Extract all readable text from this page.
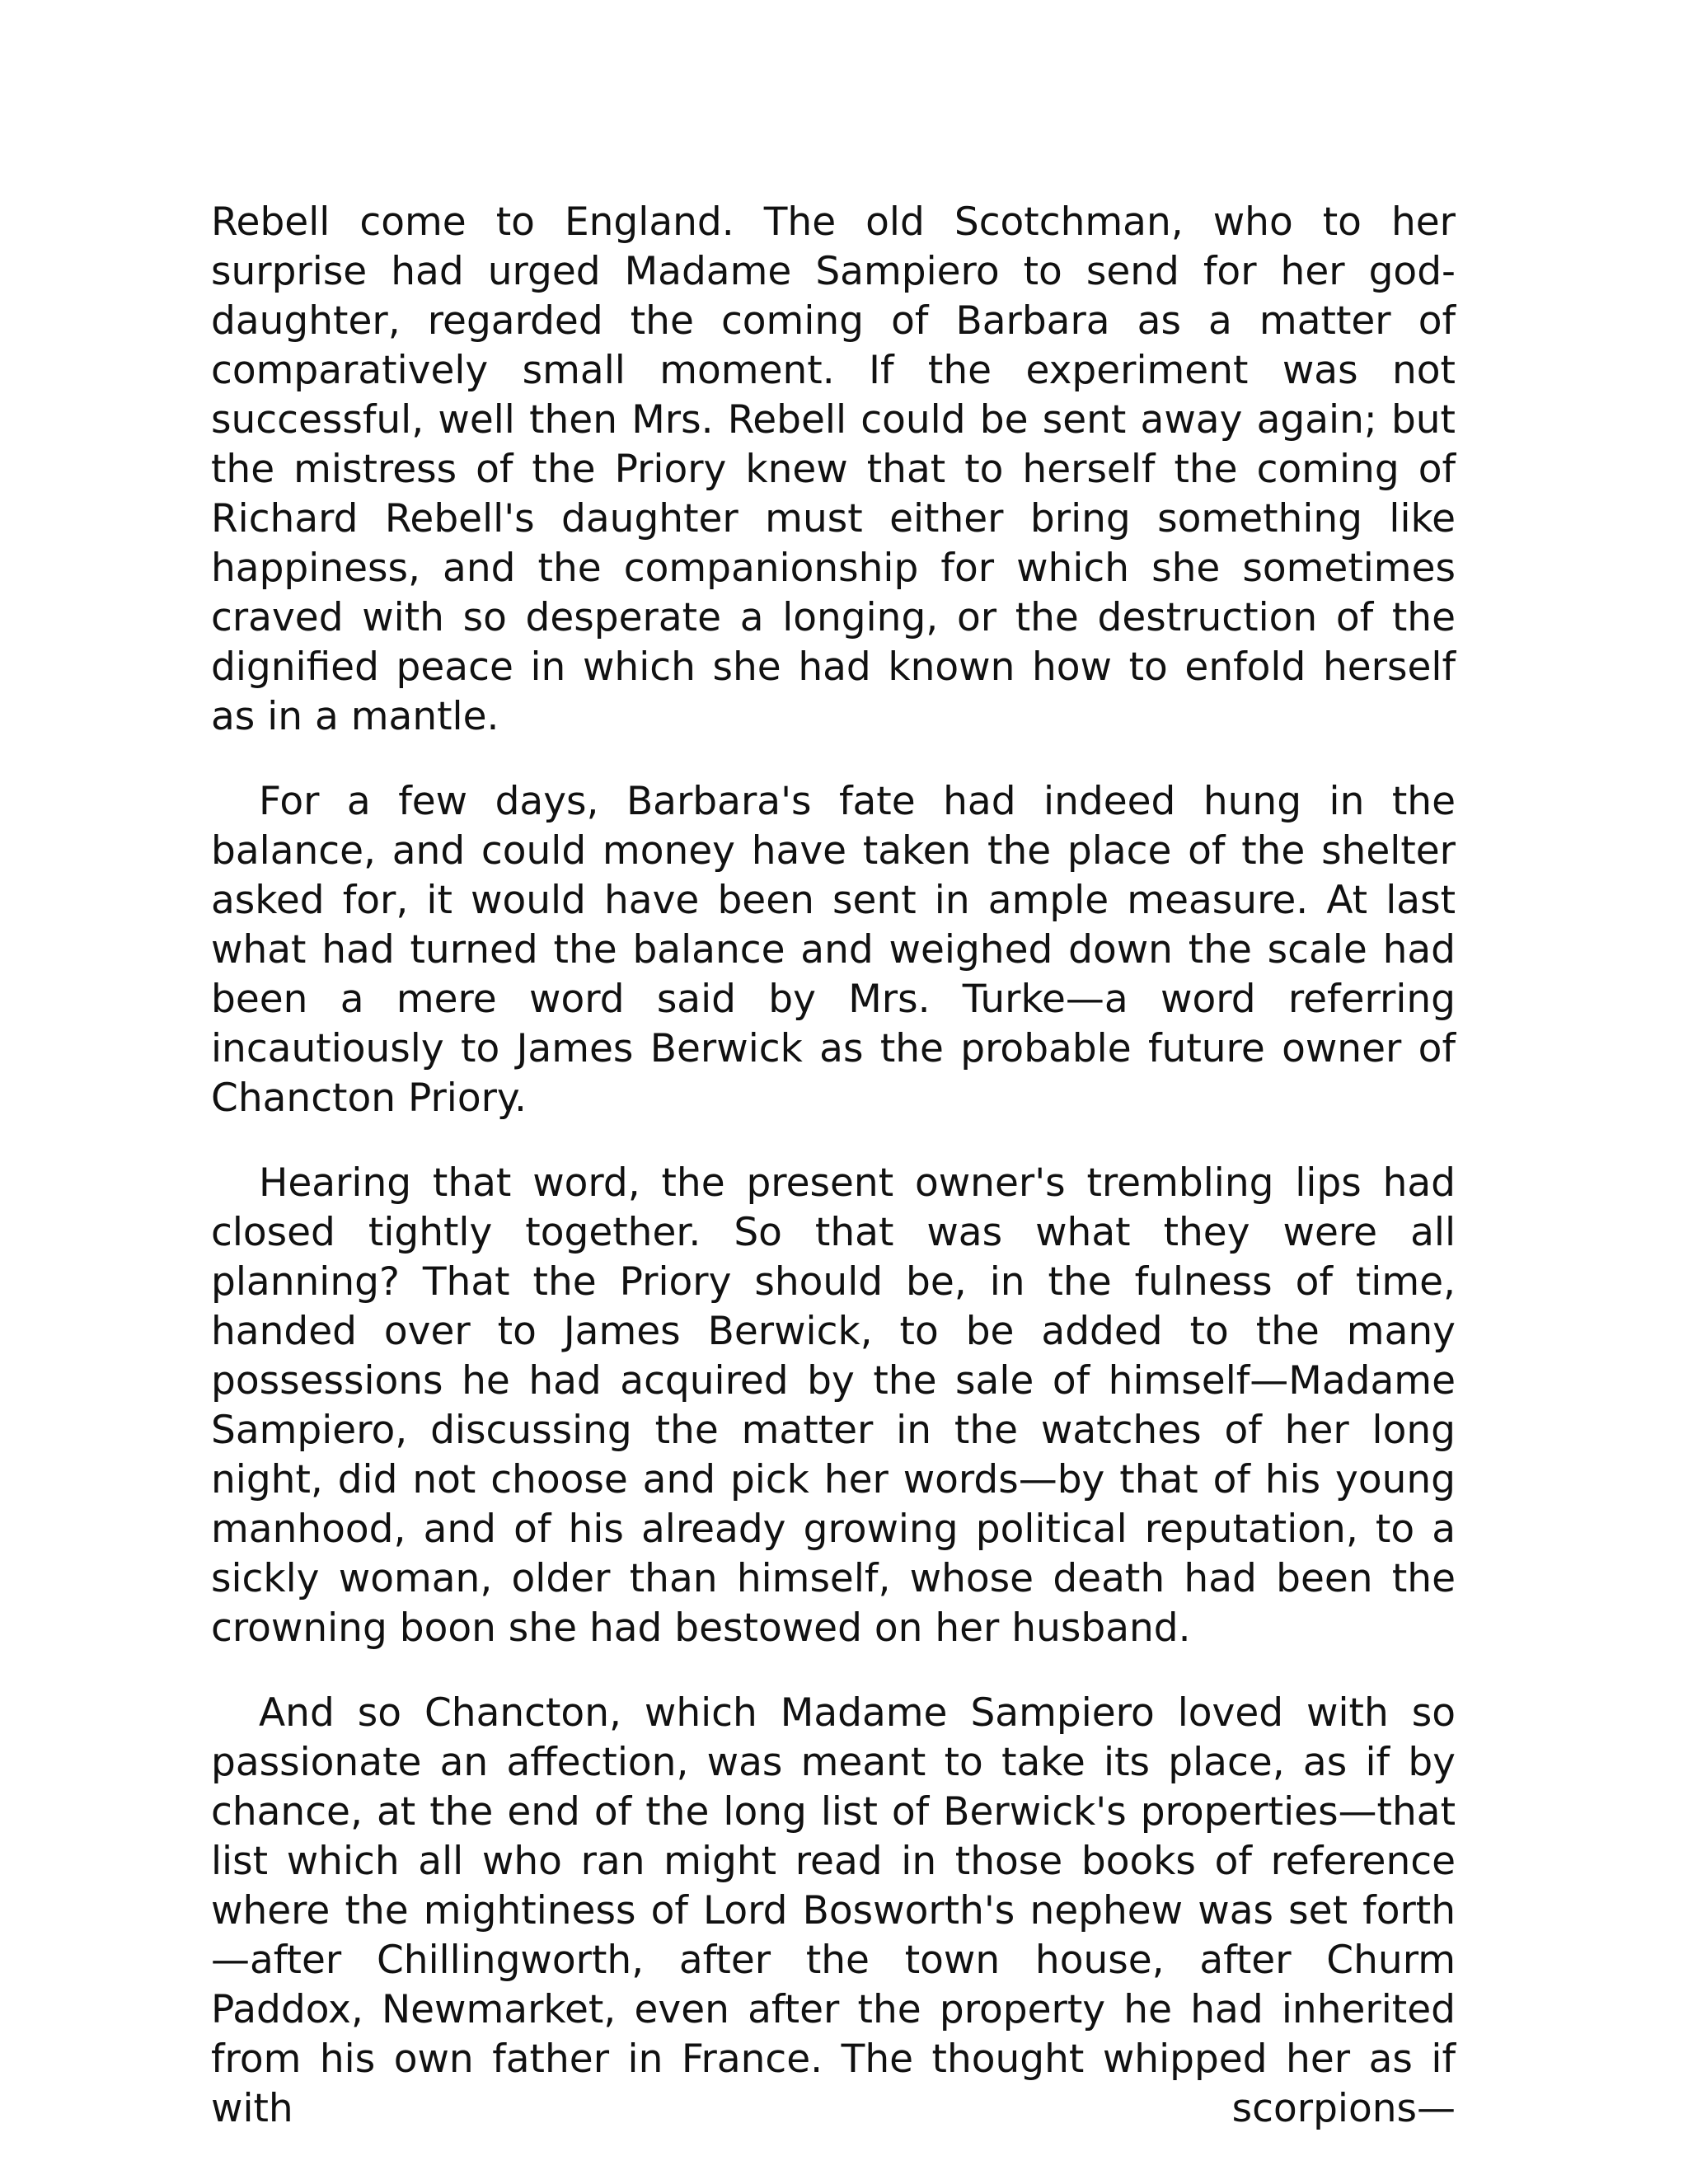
Rebell come to England. The old Scotchman, who to her surprise had urged Madame Sampiero to send for her god-daughter, regarded the coming of Barbara as a matter of comparatively small moment. If the experiment was not successful, well then Mrs. Rebell could be sent away again; but the mistress of the Priory knew that to herself the coming of Richard Rebell's daughter must either bring something like happiness, and the companionship for which she sometimes craved with so desperate a longing, or the destruction of the dignified peace in which she had known how to enfold herself as in a mantle.

For a few days, Barbara's fate had indeed hung in the balance, and could money have taken the place of the shelter asked for, it would have been sent in ample measure. At last what had turned the balance and weighed down the scale had been a mere word said by Mrs. Turke—a word referring incautiously to James Berwick as the probable future owner of Chancton Priory.

Hearing that word, the present owner's trembling lips had closed tightly together. So that was what they were all planning? That the Priory should be, in the fulness of time, handed over to James Berwick, to be added to the many possessions he had acquired by the sale of himself—Madame Sampiero, discussing the matter in the watches of her long night, did not choose and pick her words—by that of his young manhood, and of his already growing political reputation, to a sickly woman, older than himself, whose death had been the crowning boon she had bestowed on her husband.

And so Chancton, which Madame Sampiero loved with so passionate an affection, was meant to take its place, as if by chance, at the end of the long list of Berwick's properties—that list which all who ran might read in those books of reference where the mightiness of Lord Bosworth's nephew was set forth—after Chillingworth, after the town house, after Churm Paddox, Newmarket, even after the property he had inherited from his own father in France. The thought whipped her as if with scorpions—
